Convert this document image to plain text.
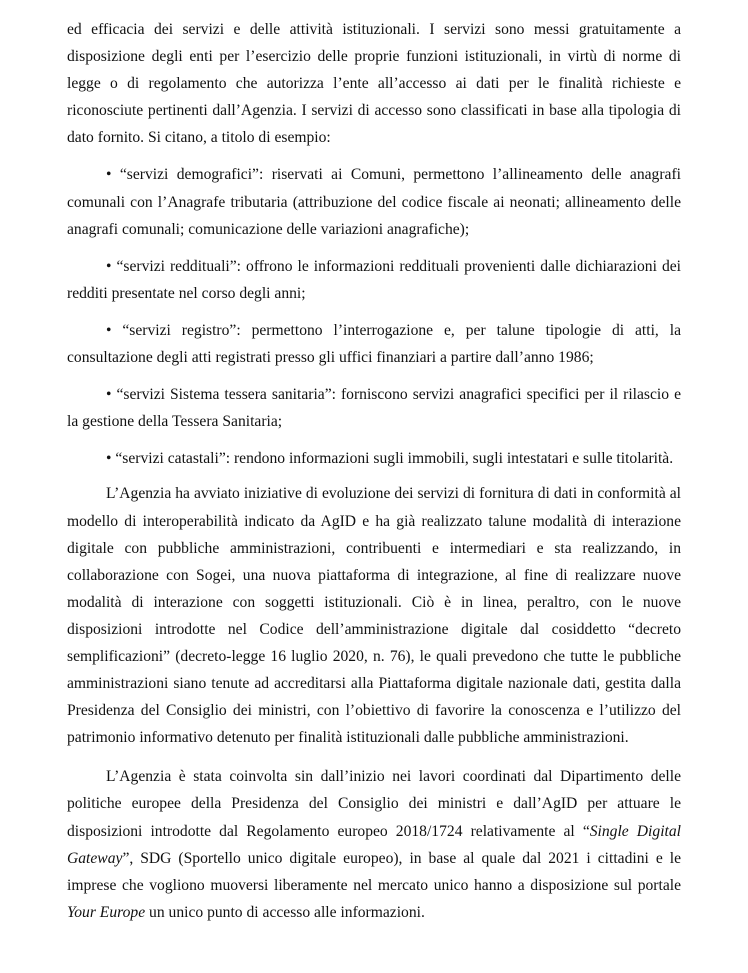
ed efficacia dei servizi e delle attività istituzionali. I servizi sono messi gratuitamente a disposizione degli enti per l’esercizio delle proprie funzioni istituzionali, in virtù di norme di legge o di regolamento che autorizza l’ente all’accesso ai dati per le finalità richieste e riconosciute pertinenti dall’Agenzia. I servizi di accesso sono classificati in base alla tipologia di dato fornito. Si citano, a titolo di esempio:

• “servizi demografici”: riservati ai Comuni, permettono l’allineamento delle anagrafi comunali con l’Anagrafe tributaria (attribuzione del codice fiscale ai neonati; allineamento delle anagrafi comunali; comunicazione delle variazioni anagrafiche);

• “servizi reddituali”: offrono le informazioni reddituali provenienti dalle dichiarazioni dei redditi presentate nel corso degli anni;

• “servizi registro”: permettono l’interrogazione e, per talune tipologie di atti, la consultazione degli atti registrati presso gli uffici finanziari a partire dall’anno 1986;

• “servizi Sistema tessera sanitaria”: forniscono servizi anagrafici specifici per il rilascio e la gestione della Tessera Sanitaria;

• “servizi catastali”: rendono informazioni sugli immobili, sugli intestatari e sulle titolarità.

L’Agenzia ha avviato iniziative di evoluzione dei servizi di fornitura di dati in conformità al modello di interoperabilità indicato da AgID e ha già realizzato talune modalità di interazione digitale con pubbliche amministrazioni, contribuenti e intermediari e sta realizzando, in collaborazione con Sogei, una nuova piattaforma di integrazione, al fine di realizzare nuove modalità di interazione con soggetti istituzionali. Ciò è in linea, peraltro, con le nuove disposizioni introdotte nel Codice dell’amministrazione digitale dal cosiddetto “decreto semplificazioni” (decreto-legge 16 luglio 2020, n. 76), le quali prevedono che tutte le pubbliche amministrazioni siano tenute ad accreditarsi alla Piattaforma digitale nazionale dati, gestita dalla Presidenza del Consiglio dei ministri, con l’obiettivo di favorire la conoscenza e l’utilizzo del patrimonio informativo detenuto per finalità istituzionali dalle pubbliche amministrazioni.

L’Agenzia è stata coinvolta sin dall’inizio nei lavori coordinati dal Dipartimento delle politiche europee della Presidenza del Consiglio dei ministri e dall’AgID per attuare le disposizioni introdotte dal Regolamento europeo 2018/1724 relativamente al “Single Digital Gateway”, SDG (Sportello unico digitale europeo), in base al quale dal 2021 i cittadini e le imprese che vogliono muoversi liberamente nel mercato unico hanno a disposizione sul portale Your Europe un unico punto di accesso alle informazioni.
